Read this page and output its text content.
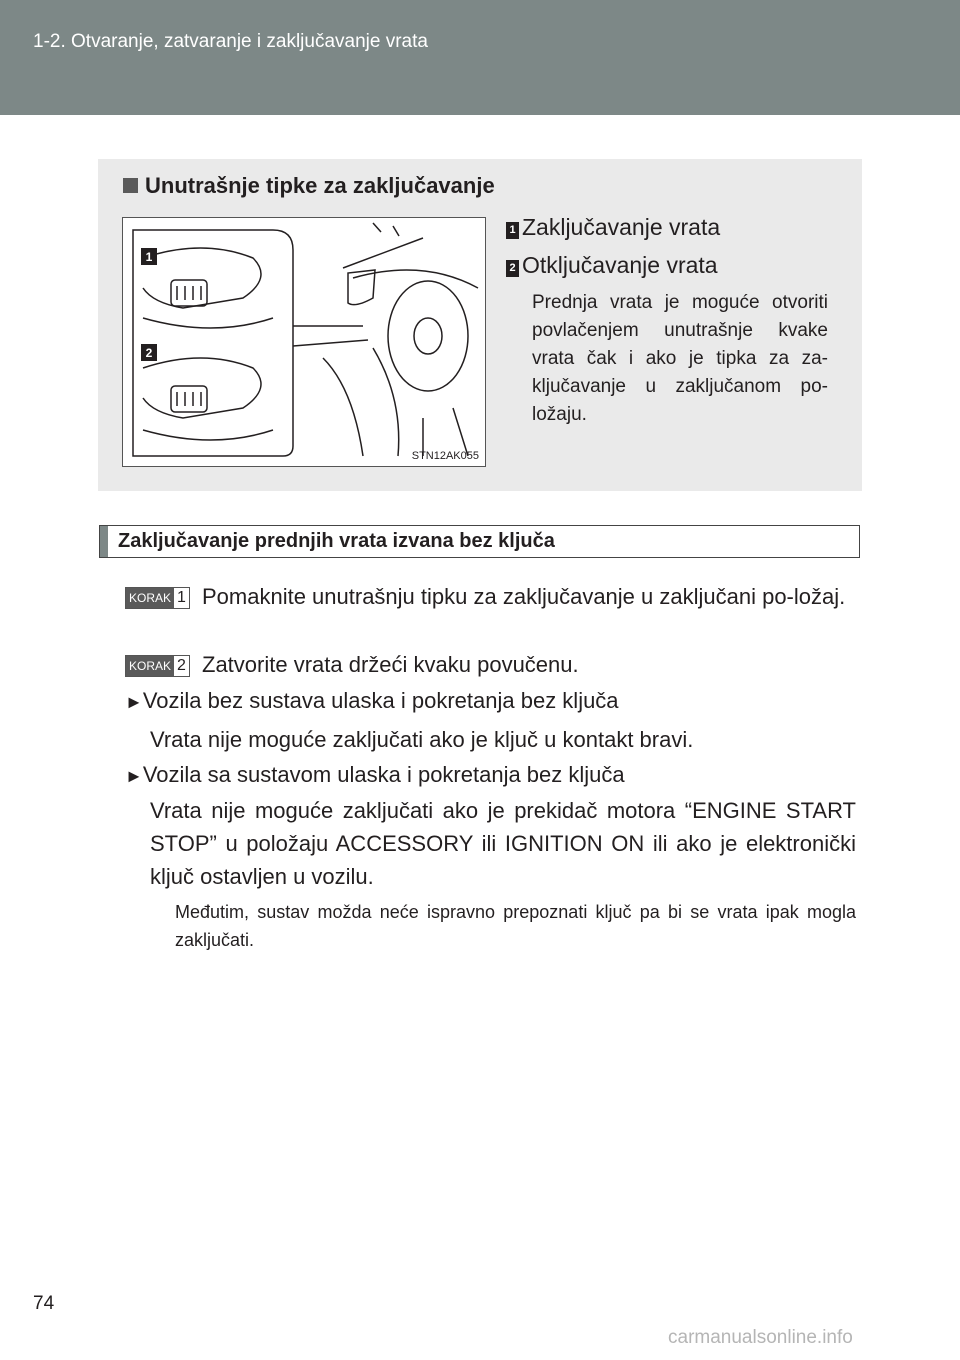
1-2. Otvaranje, zatvaranje i zaključavanje vrata
Unutrašnje tipke za zaključavanje
1
2
STN12AK055
1 Zaključavanje vrata
2 Otključavanje vrata
Prednja vrata je moguće otvoriti povlačenjem unutrašnje kvake vrata čak i ako je tipka za za-ključavanje u zaključanom po-ložaju.
Zaključavanje prednjih vrata izvana bez ključa
KORAK 1 Pomaknite unutrašnju tipku za zaključavanje u zaključani po-ložaj.
KORAK 2 Zatvorite vrata držeći kvaku povučenu.
►Vozila bez sustava ulaska i pokretanja bez ključa
Vrata nije moguće zaključati ako je ključ u kontakt bravi.
►Vozila sa sustavom ulaska i pokretanja bez ključa
Vrata nije moguće zaključati ako je prekidač motora “ENGINE START STOP” u položaju ACCESSORY ili IGNITION ON ili ako je elektronički ključ ostavljen u vozilu.
Međutim, sustav možda neće ispravno prepoznati ključ pa bi se vrata ipak mogla zaključati.
74
carmanualsonline.info
